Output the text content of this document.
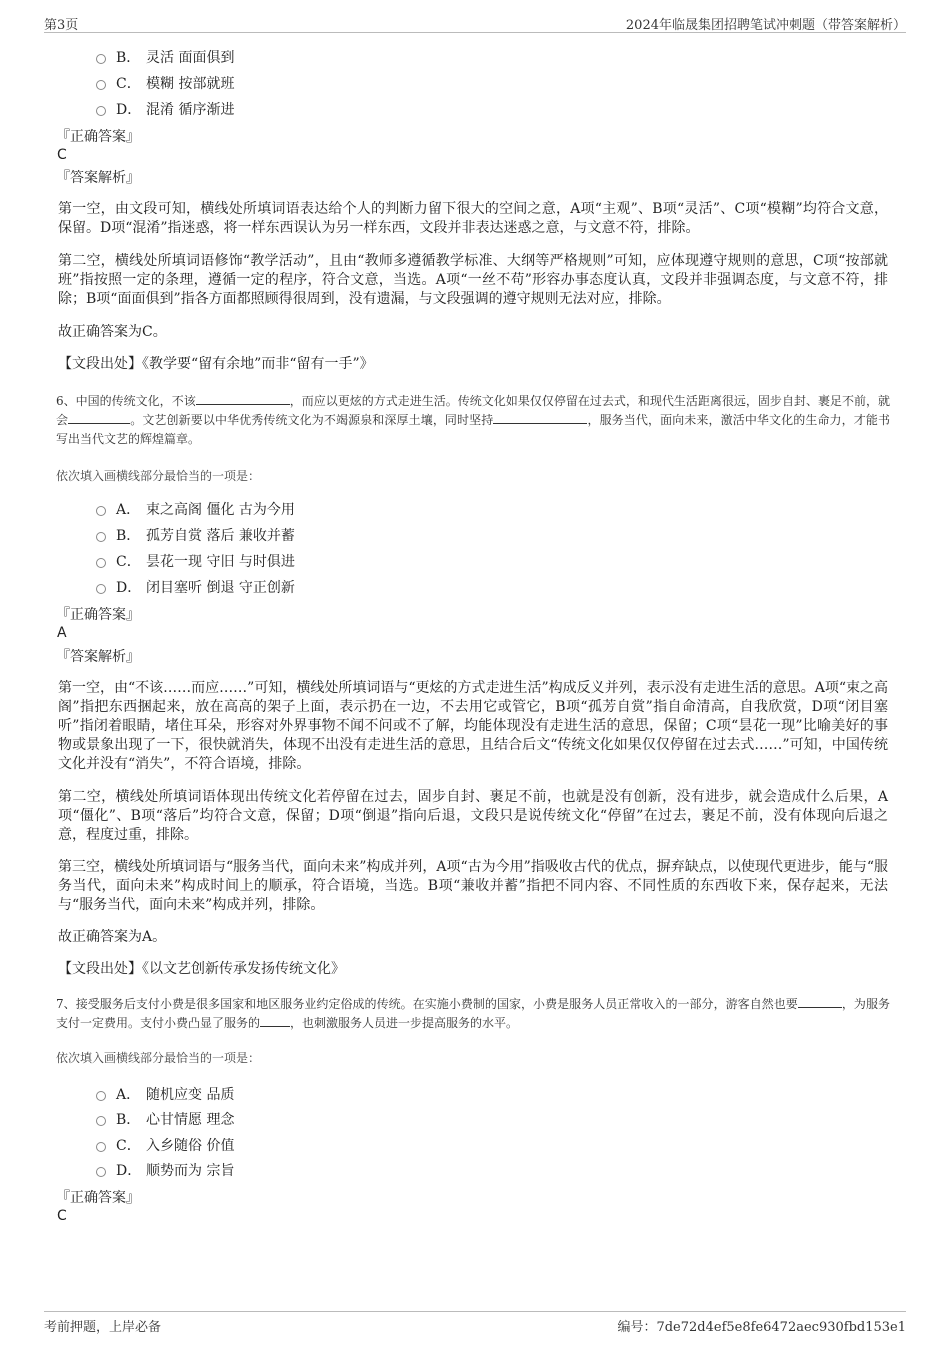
第3页	2024年临晟集团招聘笔试冲刺题（带答案解析）
B． 灵活 面面俱到
C． 模糊 按部就班
D． 混淆 循序渐进
『正确答案』
C
『答案解析』
第一空，由文段可知，横线处所填词语表达给个人的判断力留下很大的空间之意，A项“主观”、B项“灵活”、C项“模糊”均符合文意，保留。D项“混淆”指迷惑，将一样东西误认为另一样东西，文段并非表达迷惑之意，与文意不符，排除。
第二空，横线处所填词语修饰“教学活动”，且由“教师多遵循教学标准、大纲等严格规则”可知，应体现遵守规则的意思，C项“按部就班”指按照一定的条理，遵循一定的程序，符合文意，当选。A项“一丝不苟”形容办事态度认真，文段并非强调态度，与文意不符，排除；B项“面面俱到”指各方面都照顾得很周到，没有遗漏，与文段强调的遵守规则无法对应，排除。
故正确答案为C。
【文段出处】《教学要“留有余地”而非“留有一手”》
6、中国的传统文化，不该	，而应以更炫的方式走进生活。传统文化如果仅仅停留在过去式，和现代生活距离很远，固步自封、裹足不前，就会	。文艺创新要以中华优秀传统文化为不竭源泉和深厚土壤，同时坚持	，服务当代，面向未来，激活中华文化的生命力，才能书写出当代文艺的辉煌篇章。
依次填入画横线部分最恰当的一项是：
A． 束之高阁 僵化 古为今用
B． 孤芳自赏 落后 兼收并蓄
C． 昙花一现 守旧 与时俱进
D． 闭目塞听 倒退 守正创新
『正确答案』
A
『答案解析』
第一空，由“不该……而应……”可知，横线处所填词语与“更炫的方式走进生活”构成反义并列，表示没有走进生活的意思。A项“束之高阁”指把东西捆起来，放在高高的架子上面，表示扔在一边，不去用它或管它，B项“孤芳自赏”指自命清高，自我欣赏，D项“闭目塞听”指闭着眼睛，堵住耳朵，形容对外界事物不闻不问或不了解，均能体现没有走进生活的意思，保留；C项“昙花一现”比喻美好的事物或景象出现了一下，很快就消失，体现不出没有走进生活的意思，且结合后文“传统文化如果仅仅停留在过去式……”可知，中国传统文化并没有“消失”，不符合语境，排除。
第二空，横线处所填词语体现出传统文化若停留在过去，固步自封、裹足不前，也就是没有创新，没有进步，就会造成什么后果，A项“僵化”、B项“落后”均符合文意，保留；D项“倒退”指向后退，文段只是说传统文化“停留”在过去，裹足不前，没有体现向后退之意，程度过重，排除。
第三空，横线处所填词语与“服务当代，面向未来”构成并列，A项“古为今用”指吸收古代的优点，摒弃缺点，以使现代更进步，能与“服务当代，面向未来”构成时间上的顺承，符合语境，当选。B项“兼收并蓄”指把不同内容、不同性质的东西收下来，保存起来，无法与“服务当代，面向未来”构成并列，排除。
故正确答案为A。
【文段出处】《以文艺创新传承发扬传统文化》
7、接受服务后支付小费是很多国家和地区服务业约定俗成的传统。在实施小费制的国家，小费是服务人员正常收入的一部分，游客自然也要	，为服务支付一定费用。支付小费凸显了服务的	，也刺激服务人员进一步提高服务的水平。
依次填入画横线部分最恰当的一项是：
A． 随机应变 品质
B． 心甘情愿 理念
C． 入乡随俗 价值
D． 顺势而为 宗旨
『正确答案』
C
考前押题，上岸必备	编号：7de72d4ef5e8fe6472aec930fbd153e1
